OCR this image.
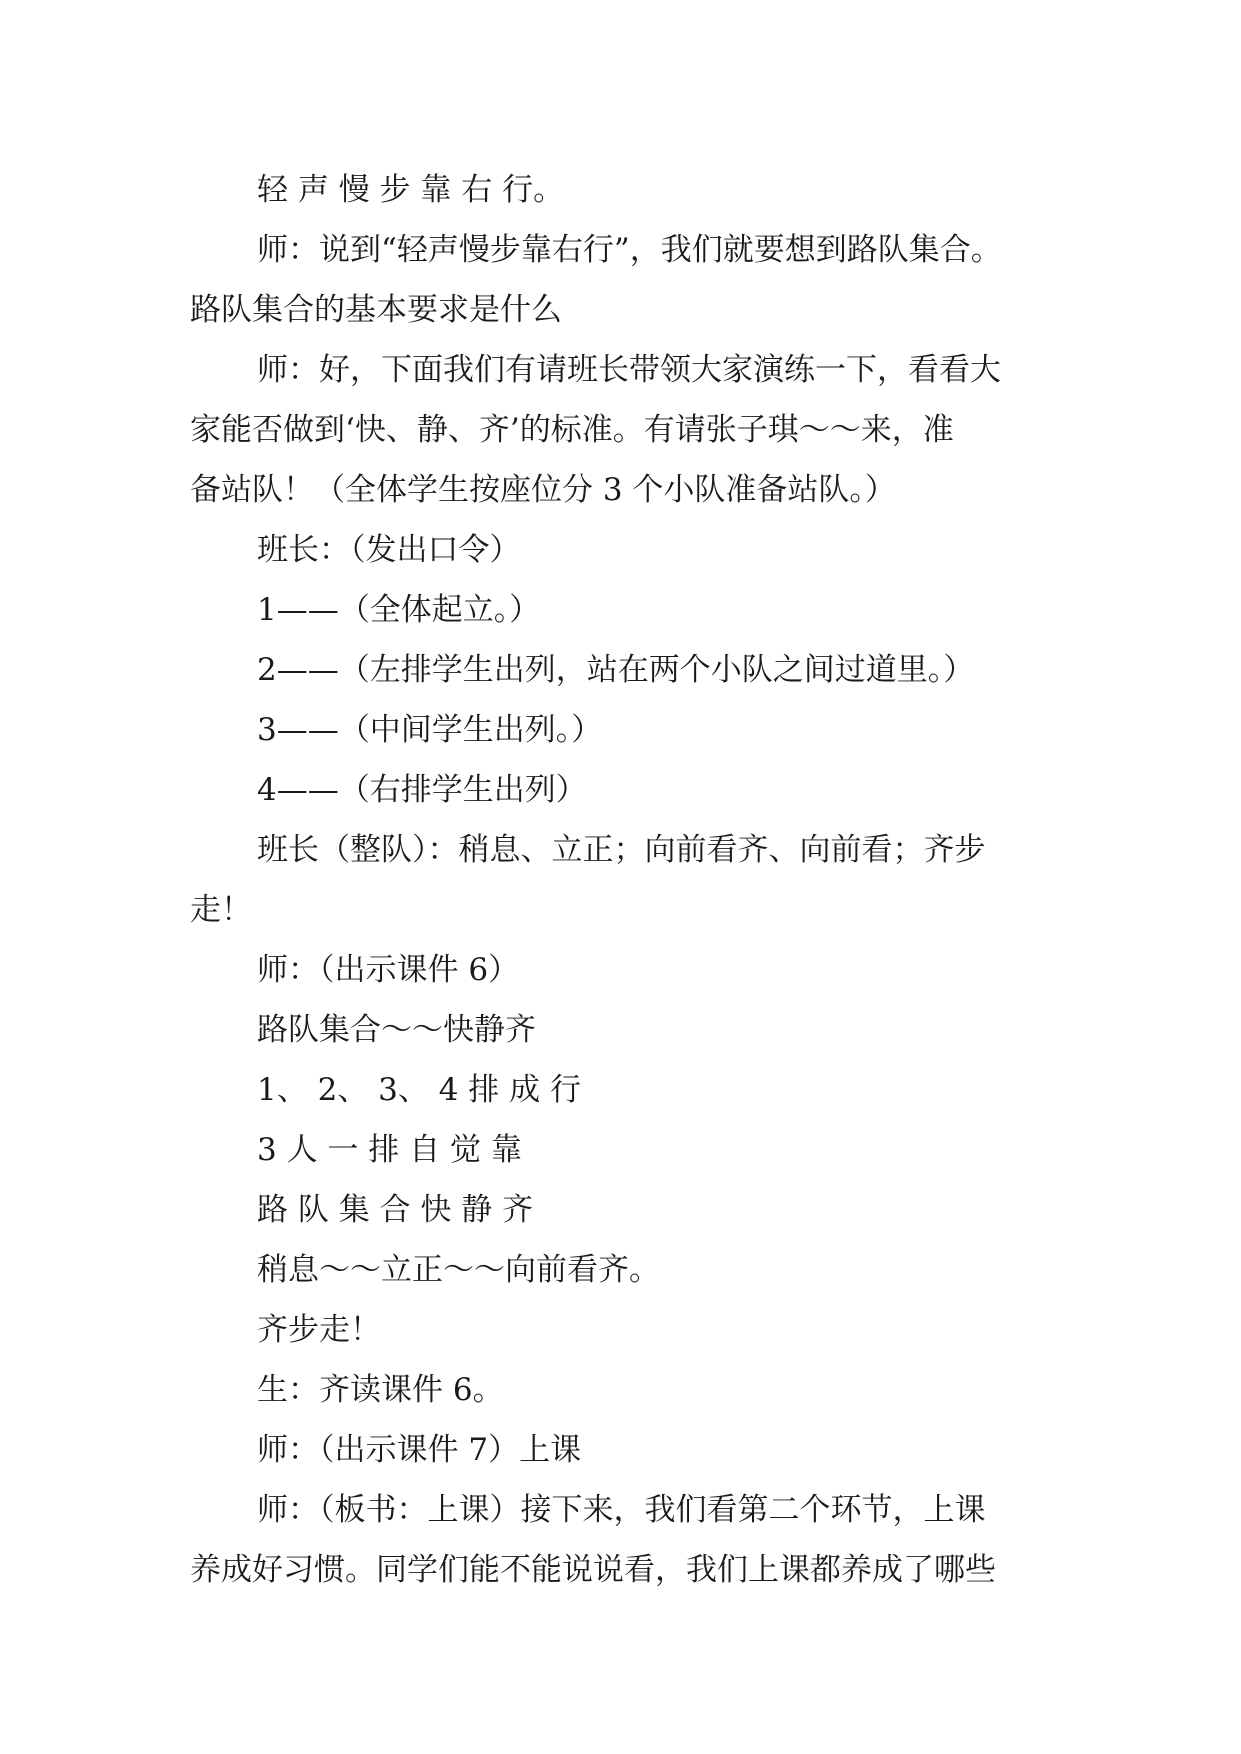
轻 声 慢 步 靠 右 行。
师：说到“轻声慢步靠右行”，我们就要想到路队集合。
路队集合的基本要求是什么
师：好，下面我们有请班长带领大家演练一下，看看大
家能否做到‘快、静、齐’的标准。有请张子琪～～来，准
备站队！（全体学生按座位分 3 个小队准备站队。）
班长：（发出口令）
1——（全体起立。）
2——（左排学生出列，站在两个小队之间过道里。）
3——（中间学生出列。）
4——（右排学生出列）
班长（整队）：稍息、立正；向前看齐、向前看；齐步
走！
师：（出示课件 6）
路队集合～～快静齐
1、 2、 3、 4 排 成 行
3 人 一 排 自 觉 靠
路 队 集 合 快 静 齐
稍息～～立正～～向前看齐。
齐步走！
生：齐读课件 6。
师：（出示课件 7）上课
师：（板书：上课）接下来，我们看第二个环节，上课
养成好习惯。同学们能不能说说看，我们上课都养成了哪些
